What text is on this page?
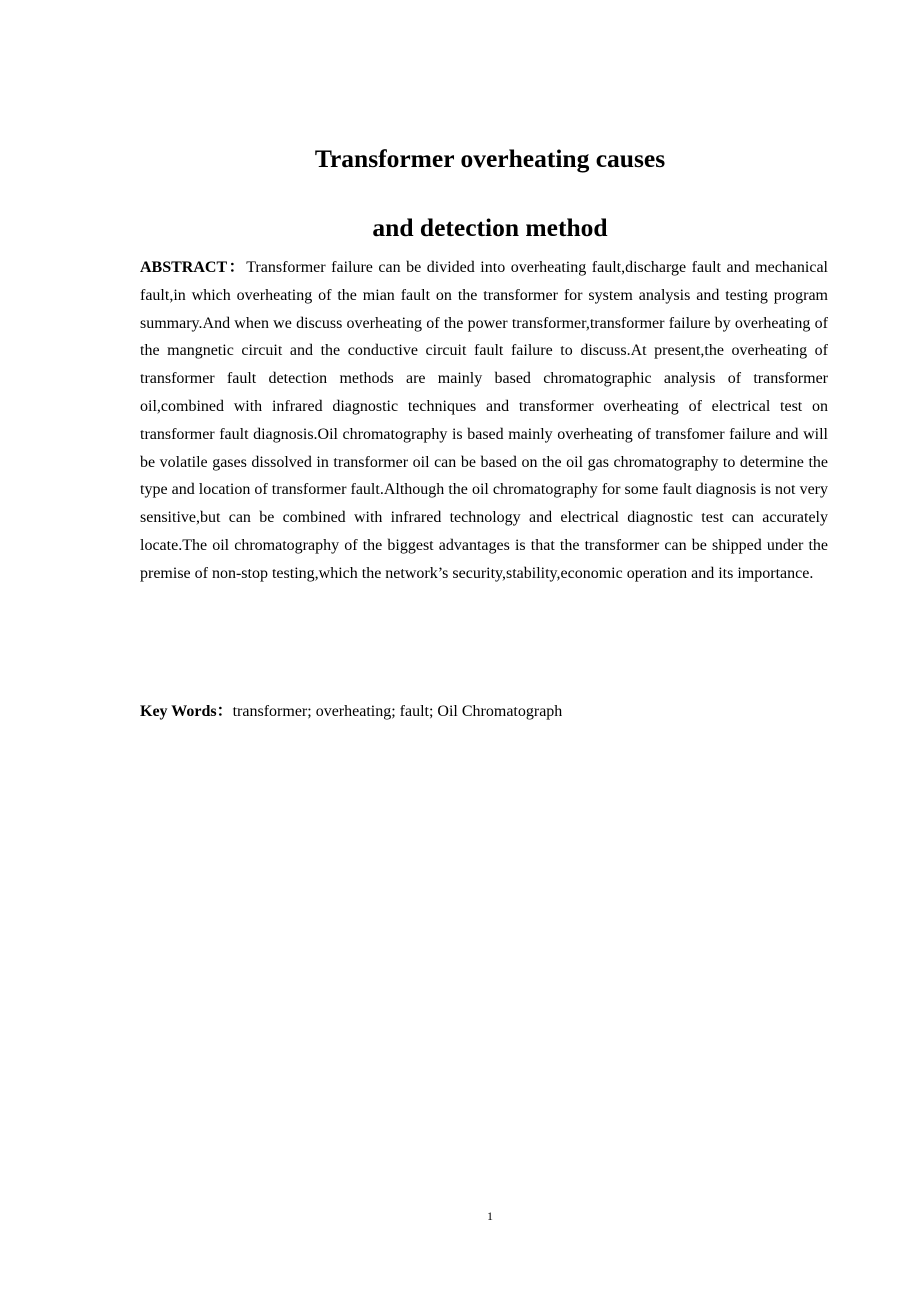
Transformer overheating causes
and detection method

ABSTRACT：Transformer failure can be divided into overheating fault,discharge fault and mechanical fault,in which overheating of the mian fault on the transformer for system analysis and testing program summary.And when we discuss overheating of the power transformer,transformer failure by overheating of the mangnetic circuit and the conductive circuit fault failure to discuss.At present,the overheating of transformer fault detection methods are mainly based chromatographic analysis of transformer oil,combined with infrared diagnostic techniques and transformer overheating of electrical test on transformer fault diagnosis.Oil chromatography is based mainly overheating of transfomer failure and will be volatile gases dissolved in transformer oil can be based on the oil gas chromatography to determine the type and location of transformer fault.Although the oil chromatography for some fault diagnosis is not very sensitive,but can be combined with infrared technology and electrical diagnostic test can accurately locate.The oil chromatography of the biggest advantages is that the transformer can be shipped under the premise of non-stop testing,which the network’s security,stability,economic operation and its importance.

Key Words：transformer; overheating; fault; Oil Chromatograph

1
